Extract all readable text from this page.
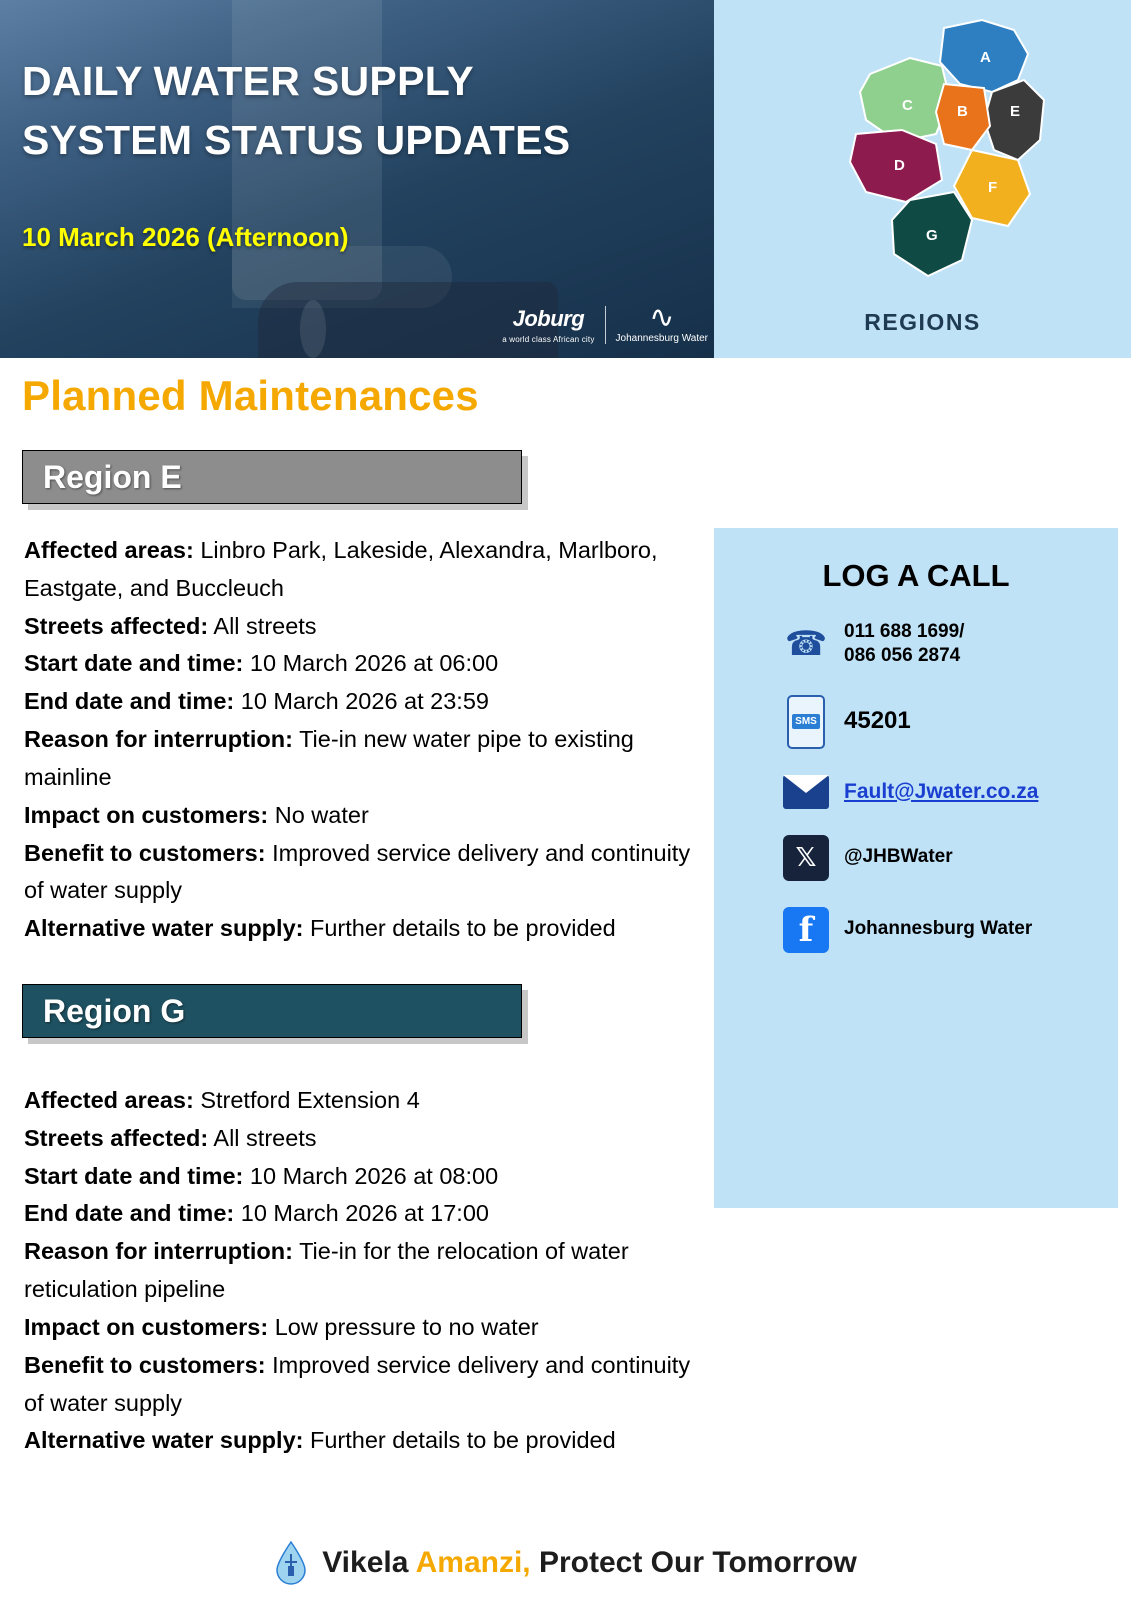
DAILY WATER SUPPLY
SYSTEM STATUS UPDATES
10 March 2026 (Afternoon)
Joburg
a world class African city
∿
Johannesburg Water
A
B
C
D
E
F
G
REGIONS
Planned Maintenances
Region E
Affected areas: Linbro Park, Lakeside, Alexandra, Marlboro, Eastgate, and Buccleuch
Streets affected: All streets
Start date and time: 10 March 2026 at 06:00
End date and time: 10 March 2026 at 23:59
Reason for interruption: Tie-in new water pipe to existing mainline
Impact on customers: No water
Benefit to customers: Improved service delivery and continuity of water supply
Alternative water supply: Further details to be provided
Region G
Affected areas: Stretford Extension 4
Streets affected: All streets
Start date and time: 10 March 2026 at 08:00
End date and time: 10 March 2026 at 17:00
Reason for interruption: Tie-in for the relocation of water reticulation pipeline
Impact on customers: Low pressure to no water
Benefit to customers: Improved service delivery and continuity of water supply
Alternative water supply: Further details to be provided
LOG A CALL
☎ 011 688 1699/
086 056 2874
SMS 45201
Fault@Jwater.co.za
𝕏	@JHBWater
f	Johannesburg Water
Vikela Amanzi, Protect Our Tomorrow
